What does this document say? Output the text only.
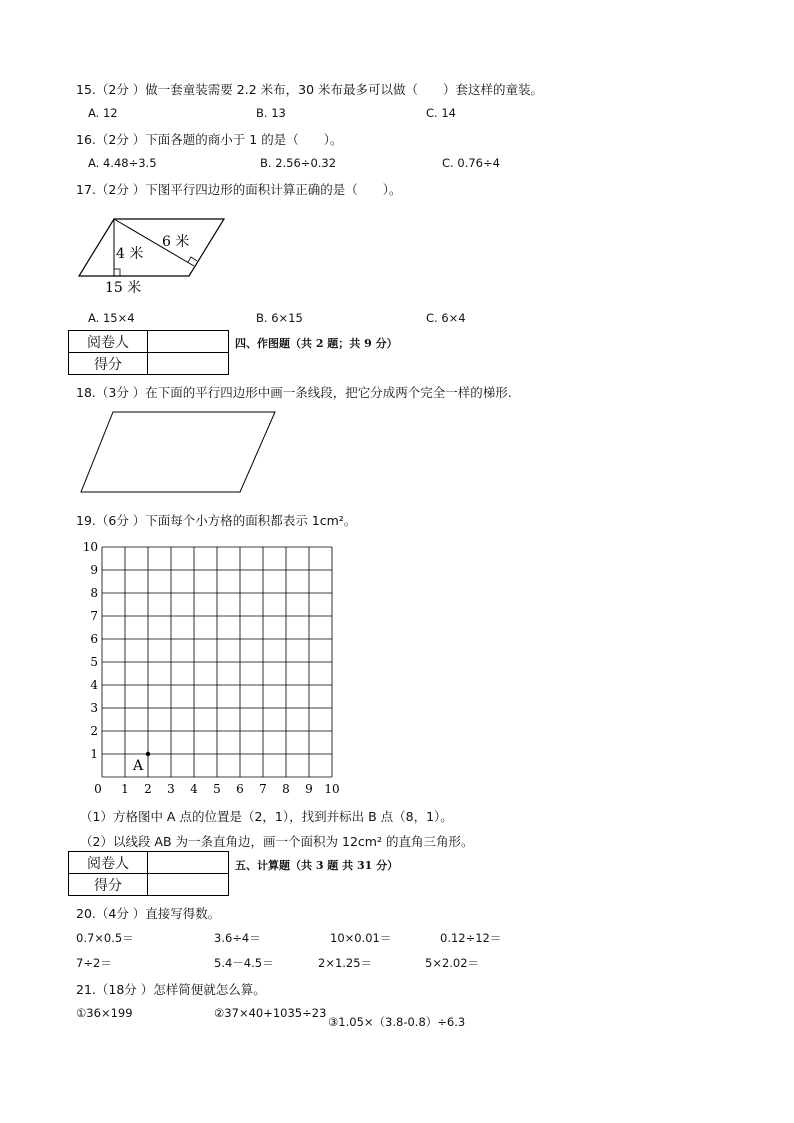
15.（2分 ）做一套童装需要 2.2 米布，30 米布最多可以做（　　）套这样的童装。
A. 12	B. 13	C. 14
16.（2分 ）下面各题的商小于 1 的是（　　）。
A. 4.48÷3.5	B. 2.56÷0.32	C. 0.76÷4
17.（2分 ）下图平行四边形的面积计算正确的是（　　）。
4 米
6 米
15 米
A. 15×4	B. 6×15	C. 6×4
阅卷人	
得分	
四、作图题（共 2 题；共 9 分）
18.（3分 ）在下面的平行四边形中画一条线段，把它分成两个完全一样的梯形.
19.（6分 ）下面每个小方格的面积都表示 1cm²。
10
9
8
7
6
5
4
3
2
1
0 1 2 3 4 5 6 7 8 9 10
A
（1）方格图中 A 点的位置是（2，1），找到并标出 B 点（8，1）。
（2）以线段 AB 为一条直角边，画一个面积为 12cm² 的直角三角形。
阅卷人	
得分	
五、计算题（共 3 题 共 31 分）
20.（4分 ）直接写得数。
0.7×0.5＝	3.6÷4＝	10×0.01＝	0.12÷12＝
7÷2＝	5.4－4.5＝	2×1.25＝	5×2.02＝
21.（18分 ）怎样简便就怎么算。
①36×199	②37×40+1035÷23
③1.05×（3.8-0.8）÷6.3
